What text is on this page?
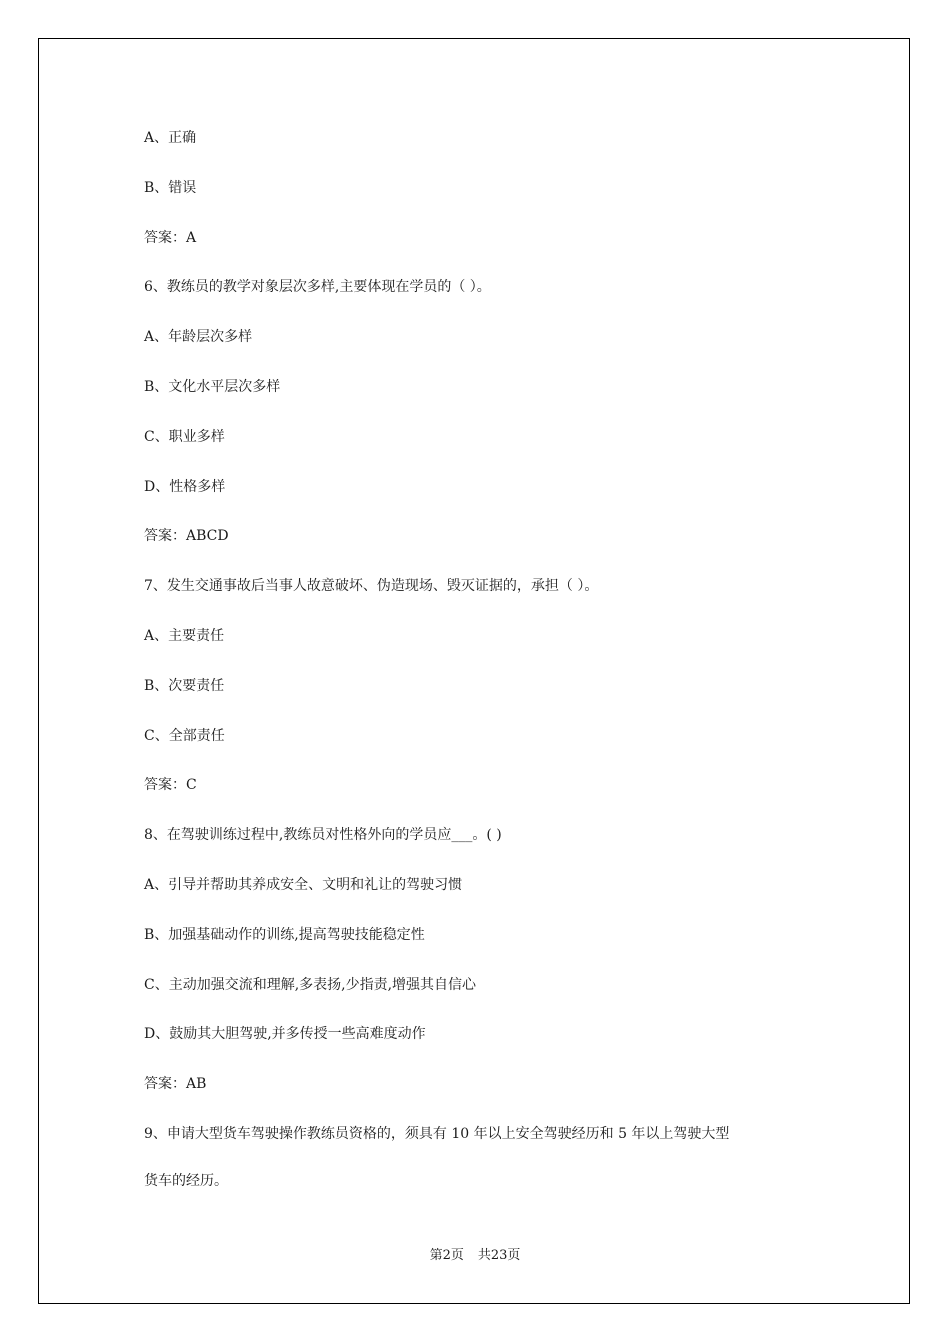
A、正确
B、错误
答案：A
6、教练员的教学对象层次多样,主要体现在学员的（ ）。
A、年龄层次多样
B、文化水平层次多样
C、职业多样
D、性格多样
答案：ABCD
7、发生交通事故后当事人故意破坏、伪造现场、毁灭证据的，承担（ ）。
A、主要责任
B、次要责任
C、全部责任
答案：C
8、在驾驶训练过程中,教练员对性格外向的学员应___。( )
A、引导并帮助其养成安全、文明和礼让的驾驶习惯
B、加强基础动作的训练,提高驾驶技能稳定性
C、主动加强交流和理解,多表扬,少指责,增强其自信心
D、鼓励其大胆驾驶,并多传授一些高难度动作
答案：AB
9、申请大型货车驾驶操作教练员资格的，须具有 10 年以上安全驾驶经历和 5 年以上驾驶大型
货车的经历。
第2页 共23页
